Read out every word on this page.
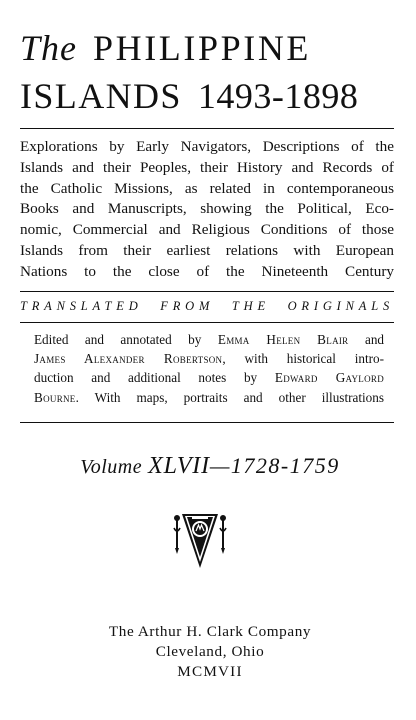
The PHILIPPINE
ISLANDS 1493-1898
Explorations by Early Navigators, Descriptions of the
Islands and their Peoples, their History and Records of
the Catholic Missions, as related in contemporaneous
Books and Manuscripts, showing the Political, Eco-
nomic, Commercial and Religious Conditions of those
Islands from their earliest relations with European
Nations to the close of the Nineteenth Century
TRANSLATED FROM THE ORIGINALS
Edited and annotated by Emma Helen Blair and
James Alexander Robertson, with historical intro-
duction and additional notes by Edward Gaylord
Bourne. With maps, portraits and other illustrations
Volume XLVII—1728-1759
The Arthur H. Clark Company
Cleveland, Ohio
MCMVII
